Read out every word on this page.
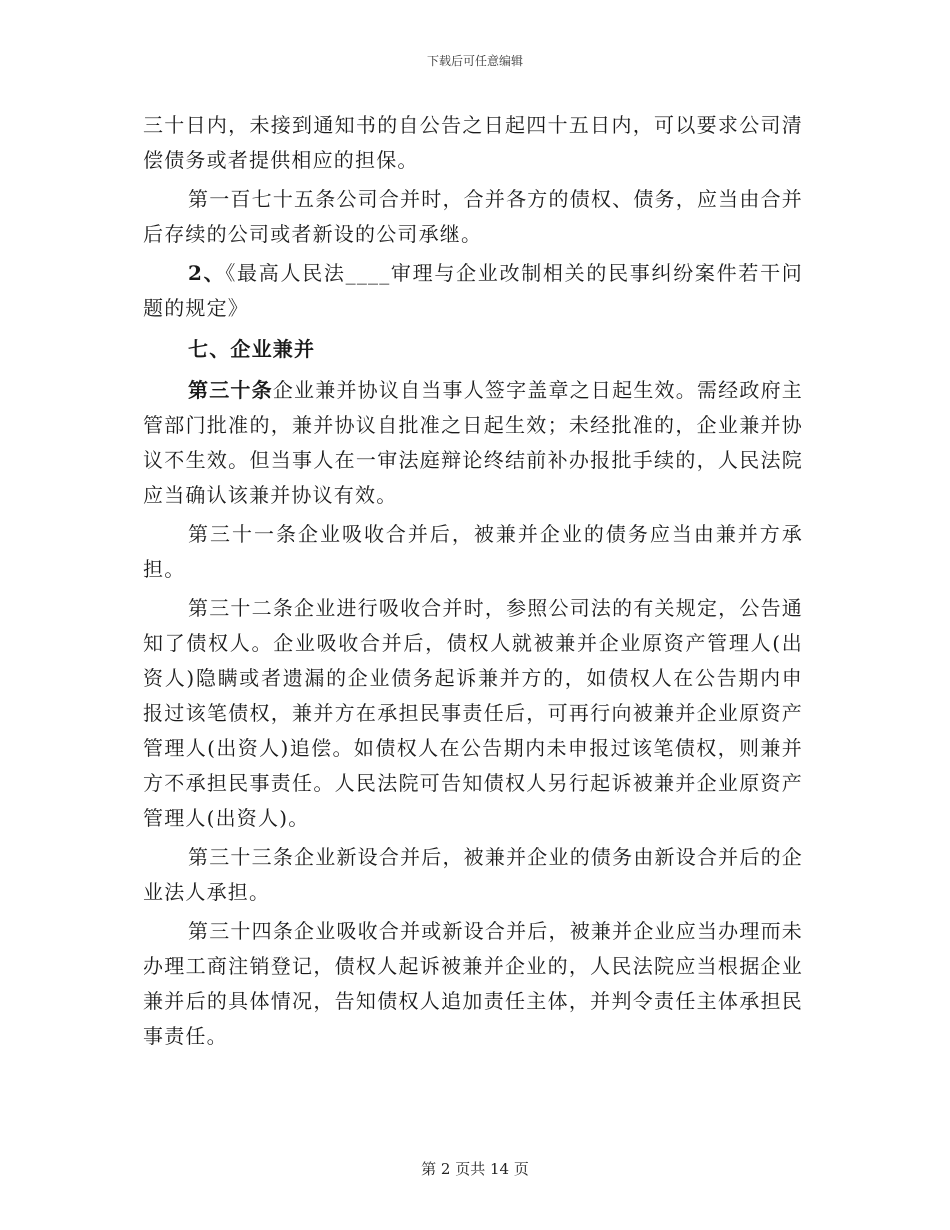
下载后可任意编辑

三十日内，未接到通知书的自公告之日起四十五日内，可以要求公司清偿债务或者提供相应的担保。

第一百七十五条公司合并时，合并各方的债权、债务，应当由合并后存续的公司或者新设的公司承继。

2、《最高人民法____审理与企业改制相关的民事纠纷案件若干问题的规定》

七、企业兼并

第三十条企业兼并协议自当事人签字盖章之日起生效。需经政府主管部门批准的，兼并协议自批准之日起生效；未经批准的，企业兼并协议不生效。但当事人在一审法庭辩论终结前补办报批手续的，人民法院应当确认该兼并协议有效。

第三十一条企业吸收合并后，被兼并企业的债务应当由兼并方承担。

第三十二条企业进行吸收合并时，参照公司法的有关规定，公告通知了债权人。企业吸收合并后，债权人就被兼并企业原资产管理人(出资人)隐瞒或者遗漏的企业债务起诉兼并方的，如债权人在公告期内申报过该笔债权，兼并方在承担民事责任后，可再行向被兼并企业原资产管理人(出资人)追偿。如债权人在公告期内未申报过该笔债权，则兼并方不承担民事责任。人民法院可告知债权人另行起诉被兼并企业原资产管理人(出资人)。

第三十三条企业新设合并后，被兼并企业的债务由新设合并后的企业法人承担。

第三十四条企业吸收合并或新设合并后，被兼并企业应当办理而未办理工商注销登记，债权人起诉被兼并企业的，人民法院应当根据企业兼并后的具体情况，告知债权人追加责任主体，并判令责任主体承担民事责任。

第 2 页共 14 页
